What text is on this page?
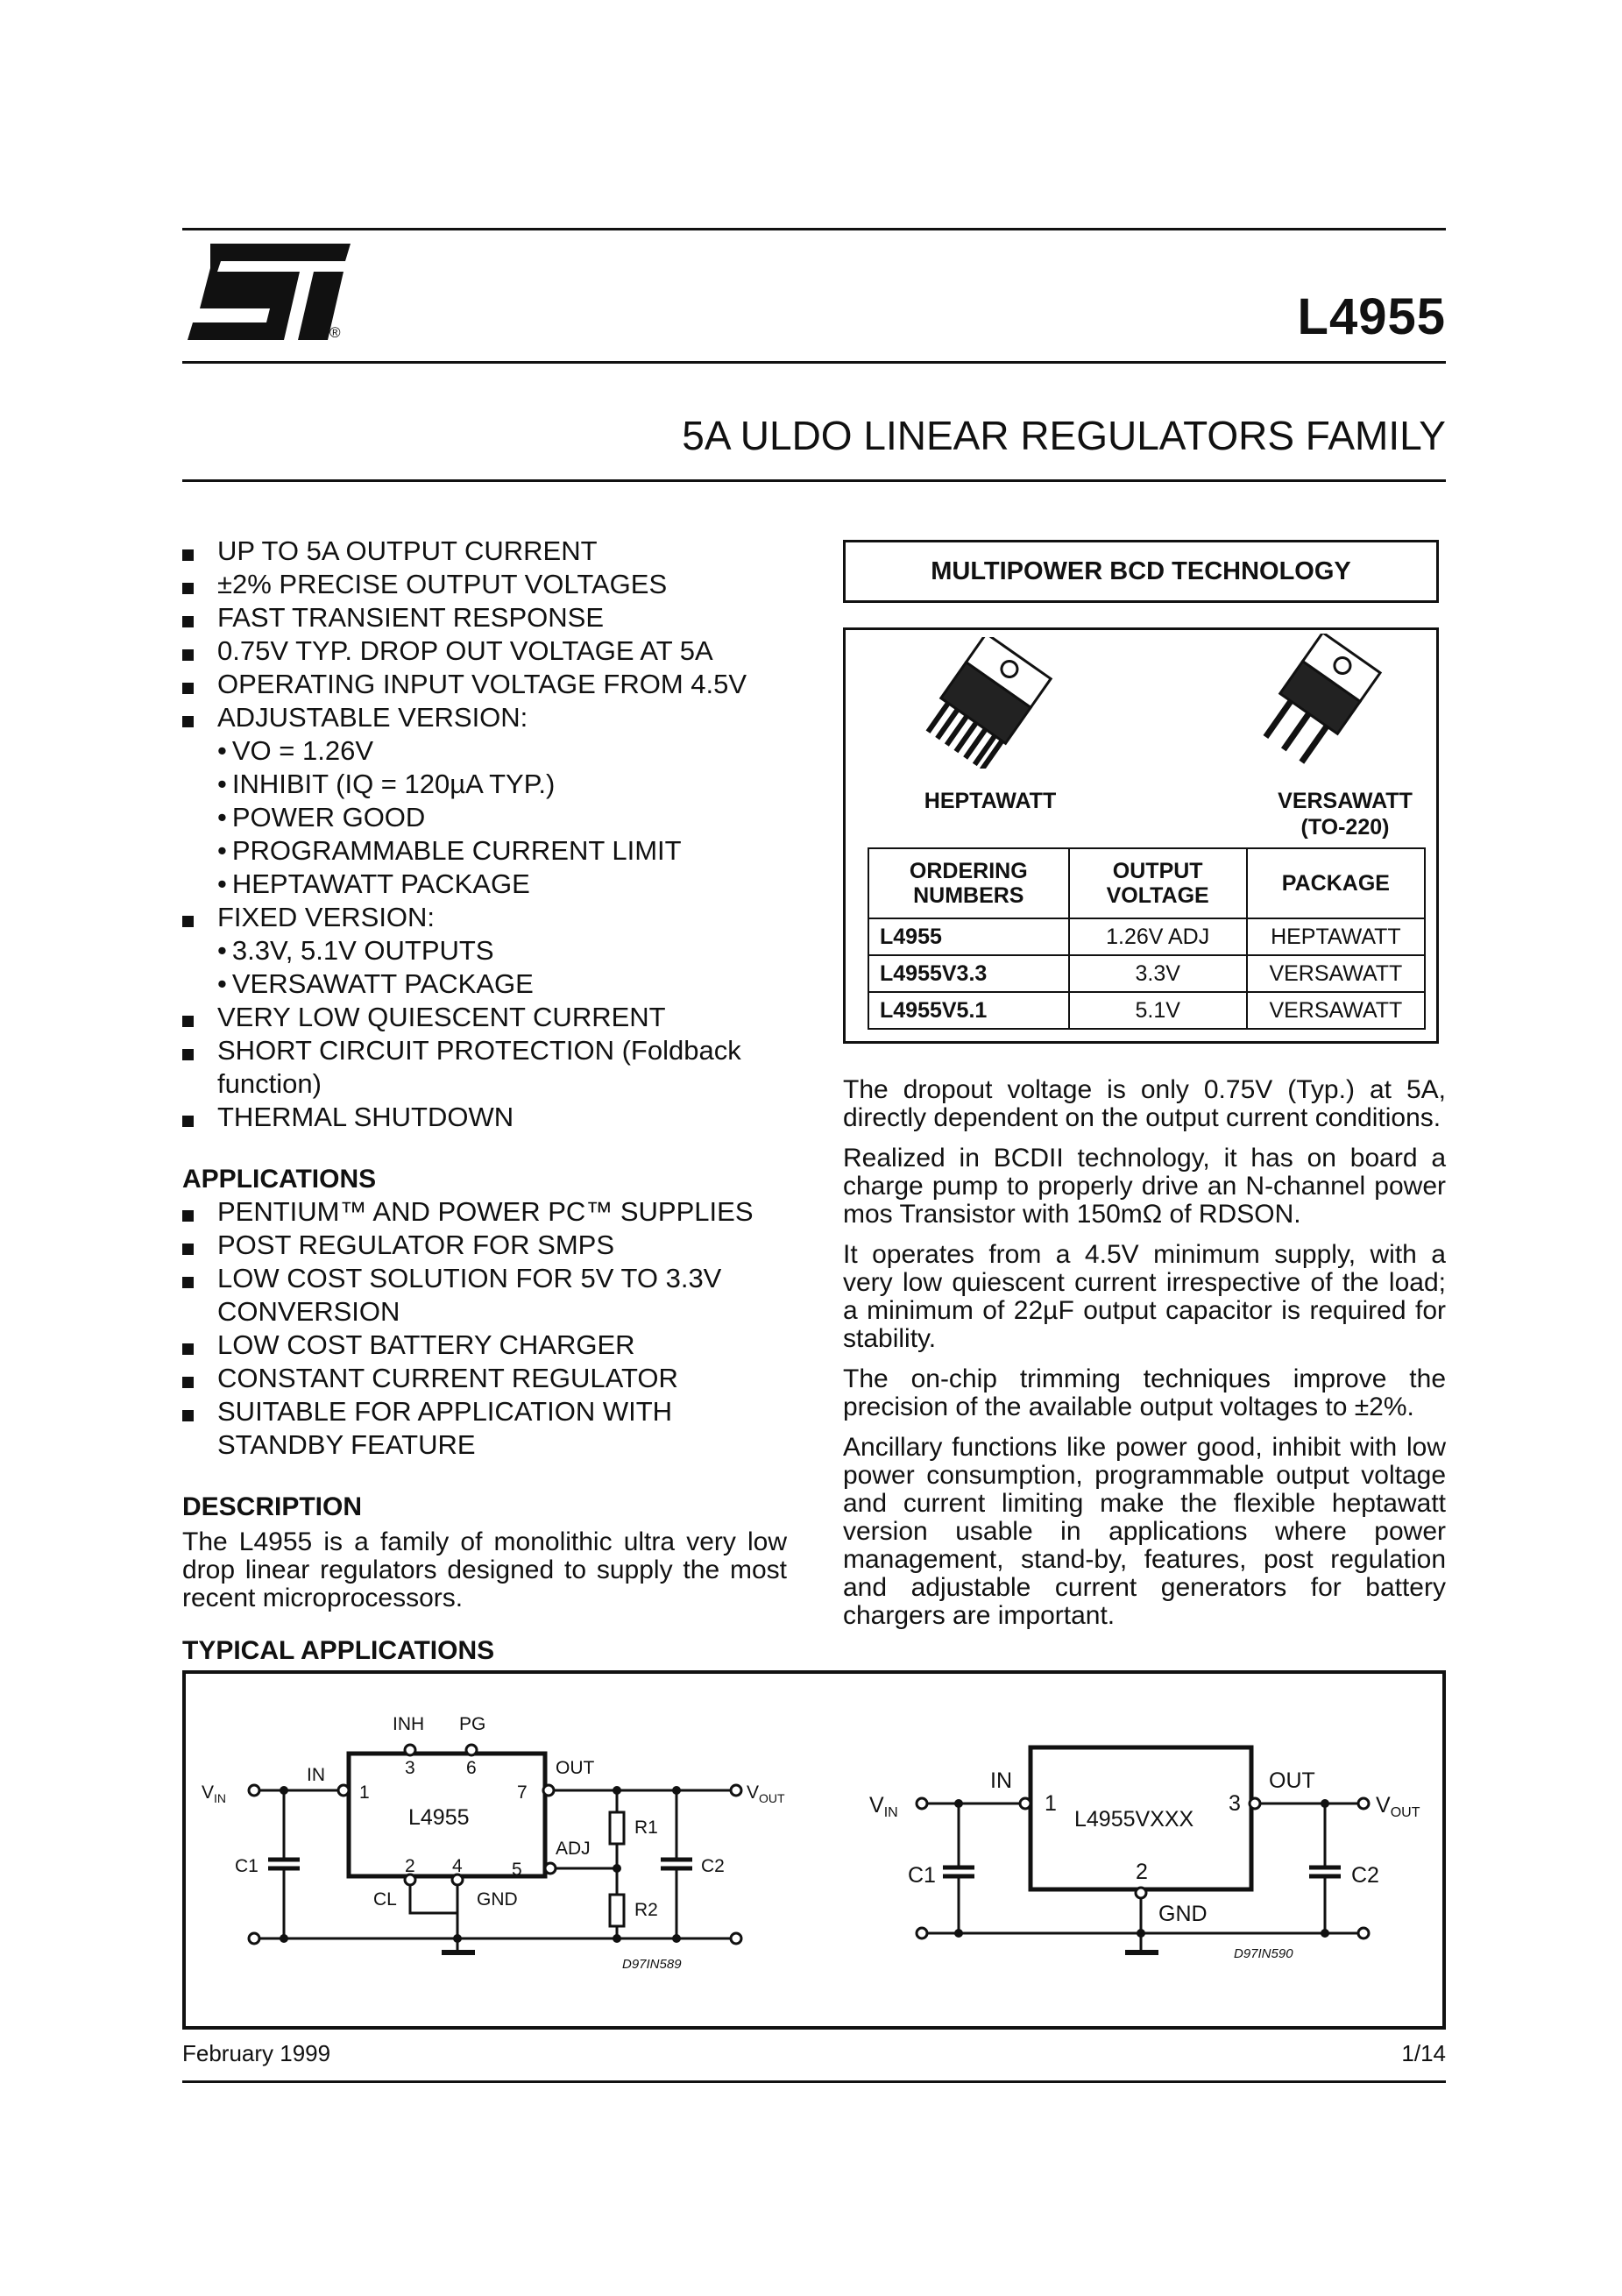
®	L4955
5A ULDO LINEAR REGULATORS FAMILY
UP TO 5A OUTPUT CURRENT
±2% PRECISE OUTPUT VOLTAGES
FAST TRANSIENT RESPONSE
0.75V TYP. DROP OUT VOLTAGE AT 5A
OPERATING INPUT VOLTAGE FROM 4.5V
ADJUSTABLE VERSION:
• VO = 1.26V
• INHIBIT (IQ = 120µA TYP.)
• POWER GOOD
• PROGRAMMABLE CURRENT LIMIT
• HEPTAWATT PACKAGE
FIXED VERSION:
• 3.3V, 5.1V OUTPUTS
• VERSAWATT PACKAGE
VERY LOW QUIESCENT CURRENT
SHORT CIRCUIT PROTECTION (Foldback function)
THERMAL SHUTDOWN
APPLICATIONS
PENTIUM™ AND POWER PC™ SUPPLIES
POST REGULATOR FOR SMPS
LOW COST SOLUTION FOR 5V TO 3.3V CONVERSION
LOW COST BATTERY CHARGER
CONSTANT CURRENT REGULATOR
SUITABLE FOR APPLICATION WITH STANDBY FEATURE
DESCRIPTION
The L4955 is a family of monolithic ultra very low drop linear regulators designed to supply the most recent microprocessors.
TYPICAL APPLICATIONS
MULTIPOWER BCD TECHNOLOGY
HEPTAWATT	VERSAWATT
(TO-220)
ORDERING NUMBERS	OUTPUT VOLTAGE	PACKAGE
L4955	1.26V ADJ	HEPTAWATT
L4955V3.3	3.3V	VERSAWATT
L4955V5.1	5.1V	VERSAWATT

The dropout voltage is only 0.75V (Typ.) at 5A, directly dependent on the output current conditions.

Realized in BCDII technology, it has on board a charge pump to properly drive an N-channel power mos Transistor with 150mΩ of RDSON.

It operates from a 4.5V minimum supply, with a very low quiescent current irrespective of the load; a minimum of 22µF output capacitor is required for stability.

The on-chip trimming techniques improve the precision of the available output voltages to ±2%.

Ancillary functions like power good, inhibit with low power consumption, programmable output voltage and current limiting make the flexible heptawatt version usable in applications where power management, stand-by, features, post regulation and adjustable current generators for battery chargers are important.

$V_{IN}$
IN
1
INH PG
3	6
7
L4955
OUT
ADJ
2 4	5
CL	GND
C1	C2
R1
R2
$V_{OUT}$
D97IN589
$V_{IN}$
IN
1
L4955VXXX
3
OUT
2
GND
C1	C2
$V_{OUT}$
D97IN590
February 1999	1/14
